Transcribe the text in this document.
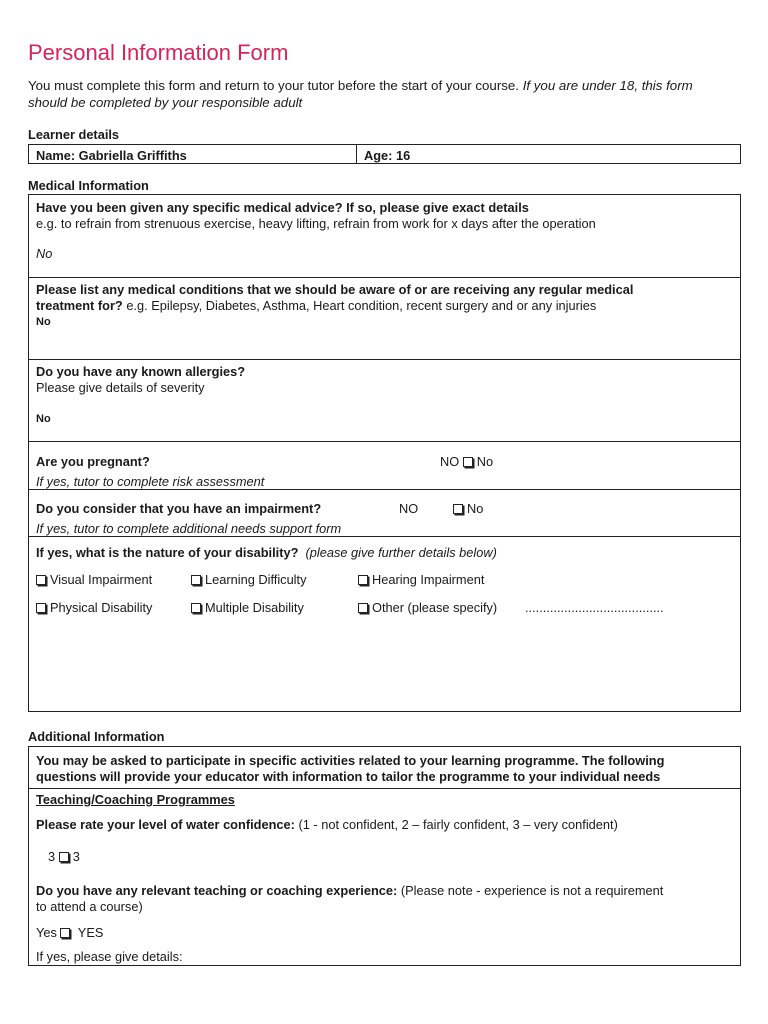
Personal Information Form
You must complete this form and return to your tutor before the start of your course. If you are under 18, this form should be completed by your responsible adult
Learner details
Name: Gabriella Griffiths	Age: 16
Medical Information
Have you been given any specific medical advice? If so, please give exact details
e.g. to refrain from strenuous exercise, heavy lifting, refrain from work for x days after the operation
No
Please list any medical conditions that we should be aware of or are receiving any regular medical
treatment for? e.g. Epilepsy, Diabetes, Asthma, Heart condition, recent surgery and or any injuries
No
Do you have any known allergies?
Please give details of severity
No
Are you pregnant?	NO No
If yes, tutor to complete risk assessment
Do you consider that you have an impairment?	NO	No
If yes, tutor to complete additional needs support form
If yes, what is the nature of your disability? (please give further details below)
Visual Impairment	Learning Difficulty	Hearing Impairment
Physical Disability	Multiple Disability	Other (please specify) .......................................
Additional Information
You may be asked to participate in specific activities related to your learning programme. The following
questions will provide your educator with information to tailor the programme to your individual needs
Teaching/Coaching Programmes
Please rate your level of water confidence: (1 - not confident, 2 – fairly confident, 3 – very confident)
3 3
Do you have any relevant teaching or coaching experience: (Please note - experience is not a requirement
to attend a course)
Yes YES
If yes, please give details:
